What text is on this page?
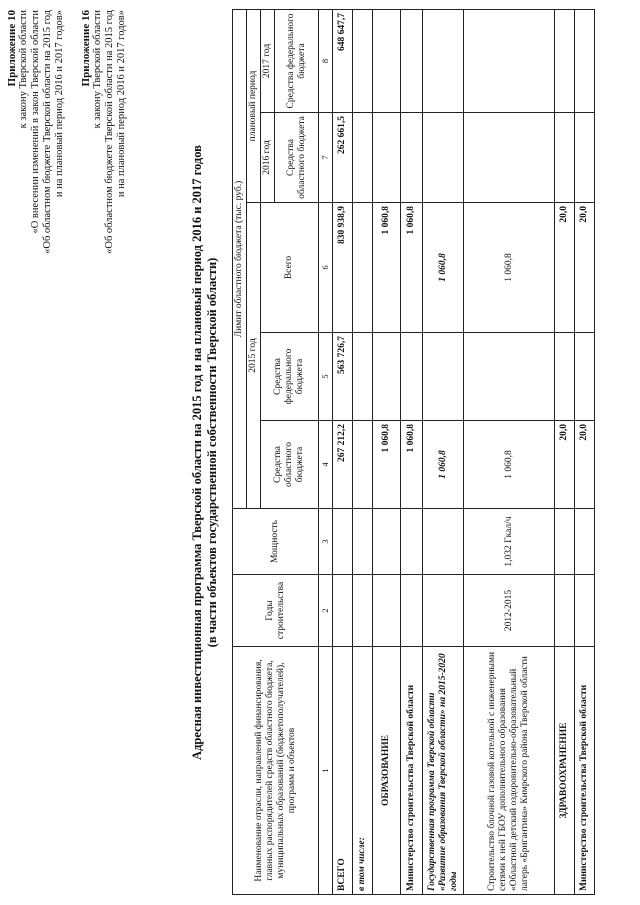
Приложение 10 к закону Тверской области «О внесении изменений в закон Тверской области «Об областном бюджете Тверской области на 2015 год и на плановый период 2016 и 2017 годов» Приложение 16 к закону Тверской области «Об областном бюджете Тверской области на 2015 год и на плановый период 2016 и 2017 годов»
Адресная инвестиционная программа Тверской области на 2015 год и на плановый период 2016 и 2017 годов (в части объектов государственной собственности Тверской области)
Наименование отрасли, направлений финансирования, главных распорядителей средств областного бюджета, муниципальных образований (бюджетополучателей), программ и объектов	Годы строительства	Мощность	Лимит областного бюджета (тыс. руб.)				
			2015 год			плановый период	
			Средства областного бюджета	Средства федерального бюджета	Всего	2016 год	2017 год
						Средства областного бюджета	Средства федерального бюджета
1	2	3	4	5	6	7	8
ВСЕГО			267 212,2	563 726,7	830 938,9	262 661,5	648 647,7
в том числе:							
ОБРАЗОВАНИЕ			1 060,8		1 060,8		
Министерство строительства Тверской области			1 060,8		1 060,8		
Государственная программа Тверской области «Развитие образования Тверской области» на 2015-2020 годы			1 060,8		1 060,8		
Строительство блочной газовой котельной с инженерными сетями к ней ГБОУ дополнительного образования «Областной детский оздоровительно-образовательный лагерь «Бригантина» Кимрского района Тверской области	2012-2015	1,032 Гкал/ч	1 060,8		1 060,8		
ЗДРАВООХРАНЕНИЕ			20,0		20,0		
Министерство строительства Тверской области			20,0		20,0		
